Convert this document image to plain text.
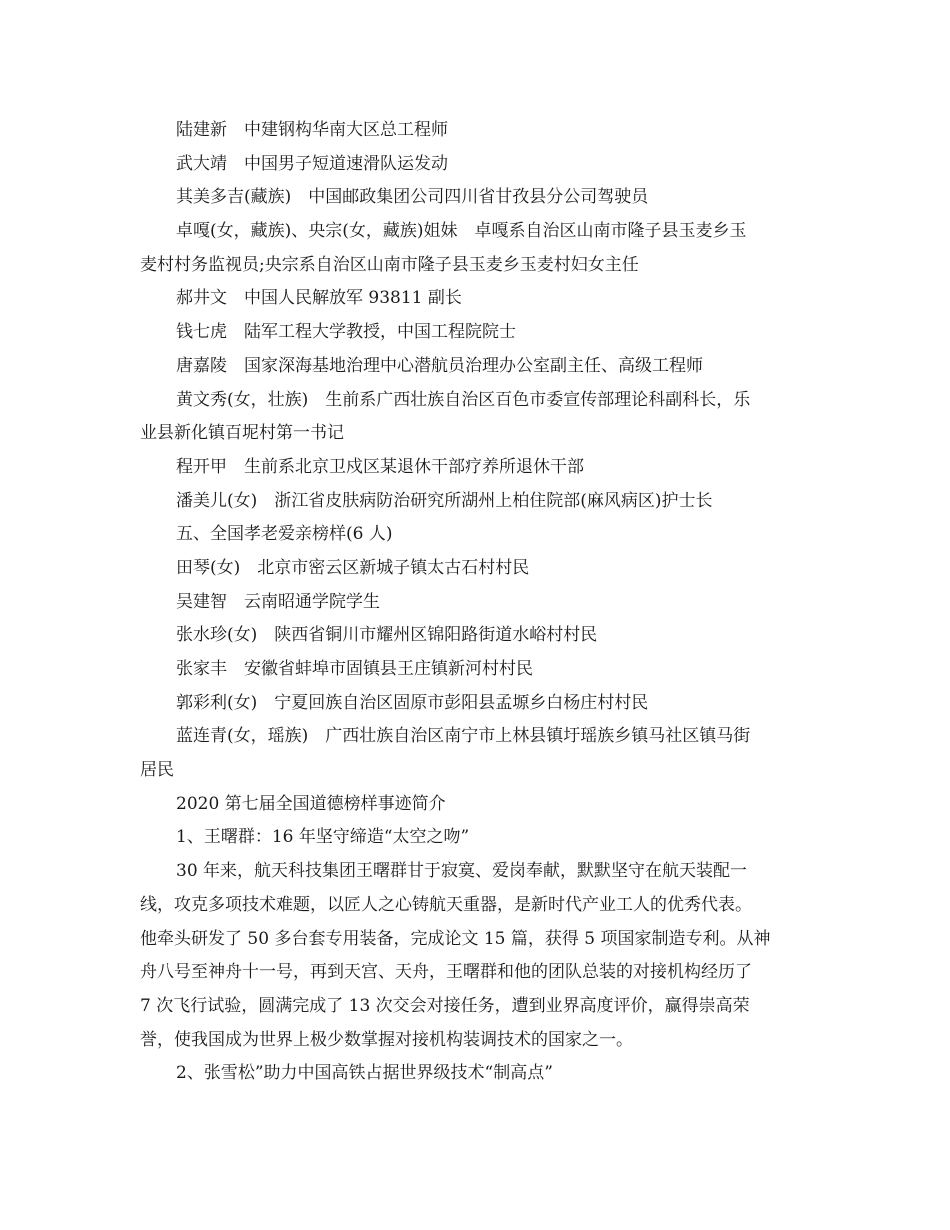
陆建新　中建钢构华南大区总工程师
武大靖　中国男子短道速滑队运发动
其美多吉(藏族)　中国邮政集团公司四川省甘孜县分公司驾驶员
卓嘎(女，藏族)、央宗(女，藏族)姐妹　卓嘎系自治区山南市隆子县玉麦乡玉
麦村村务监视员;央宗系自治区山南市隆子县玉麦乡玉麦村妇女主任
郝井文　中国人民解放军 93811 副长
钱七虎　陆军工程大学教授，中国工程院院士
唐嘉陵　国家深海基地治理中心潜航员治理办公室副主任、高级工程师
黄文秀(女，壮族)　生前系广西壮族自治区百色市委宣传部理论科副科长，乐
业县新化镇百坭村第一书记
程开甲　生前系北京卫戍区某退休干部疗养所退休干部
潘美儿(女)　浙江省皮肤病防治研究所湖州上柏住院部(麻风病区)护士长
五、全国孝老爱亲榜样(6 人)
田琴(女)　北京市密云区新城子镇太古石村村民
吴建智　云南昭通学院学生
张水珍(女)　陕西省铜川市耀州区锦阳路街道水峪村村民
张家丰　安徽省蚌埠市固镇县王庄镇新河村村民
郭彩利(女)　宁夏回族自治区固原市彭阳县孟塬乡白杨庄村村民
蓝连青(女，瑶族)　广西壮族自治区南宁市上林县镇圩瑶族乡镇马社区镇马街
居民
2020 第七届全国道德榜样事迹简介
1、王曙群：16 年坚守缔造“太空之吻”
30 年来，航天科技集团王曙群甘于寂寞、爱岗奉献，默默坚守在航天装配一
线，攻克多项技术难题，以匠人之心铸航天重器，是新时代产业工人的优秀代表。
他牵头研发了 50 多台套专用装备，完成论文 15 篇，获得 5 项国家制造专利。从神
舟八号至神舟十一号，再到天宫、天舟，王曙群和他的团队总装的对接机构经历了
7 次飞行试验，圆满完成了 13 次交会对接任务，遭到业界高度评价，赢得崇高荣
誉，使我国成为世界上极少数掌握对接机构装调技术的国家之一。
2、张雪松”助力中国高铁占据世界级技术“制高点”
